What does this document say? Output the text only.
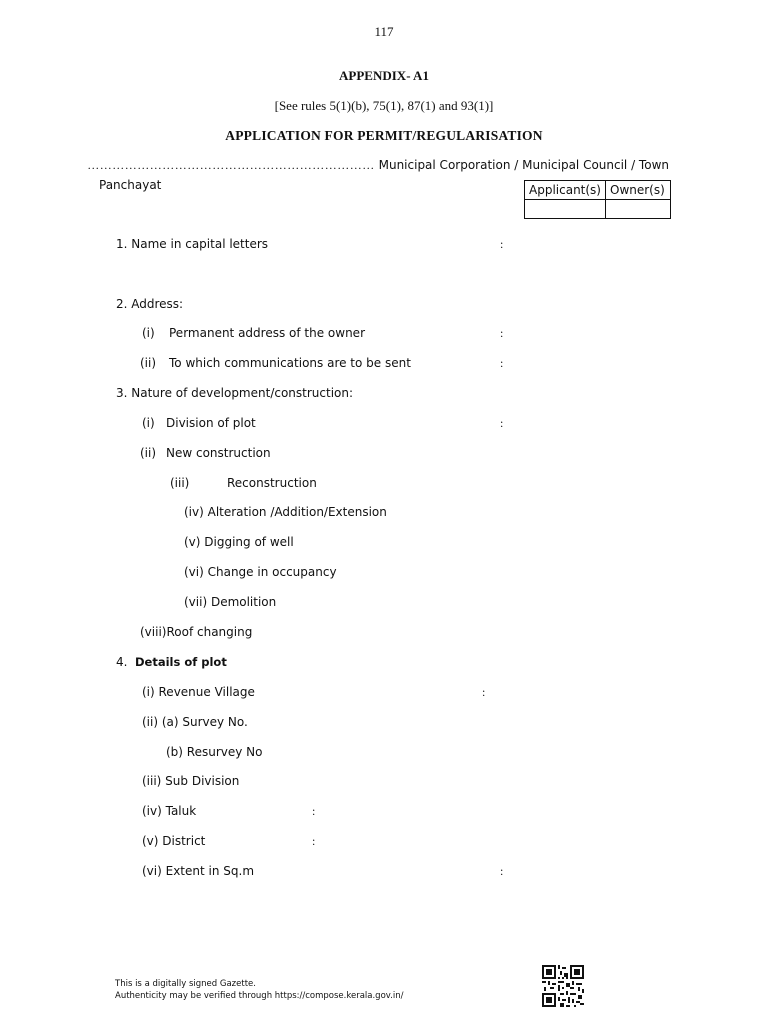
117
APPENDIX- A1
[See rules 5(1)(b), 75(1), 87(1) and 93(1)]
APPLICATION FOR PERMIT/REGULARISATION
…………………………………………………………… Municipal Corporation / Municipal Council / Town
Panchayat	Applicant(s)	Owner(s)

1. Name in capital letters	:
2. Address:
(i) Permanent address of the owner	:
(ii) To which communications are to be sent	:
3. Nature of development/construction:
(i) Division of plot	:
(ii) New construction
(iii)	Reconstruction
(iv) Alteration /Addition/Extension
(v) Digging of well
(vi) Change in occupancy
(vii) Demolition
(viii)Roof changing
4. Details of plot
(i) Revenue Village	:
(ii) (a) Survey No.
(b) Resurvey No
(iii) Sub Division
(iv) Taluk	:
(v) District	:
(vi) Extent in Sq.m	:
This is a digitally signed Gazette.
Authenticity may be verified through https://compose.kerala.gov.in/
